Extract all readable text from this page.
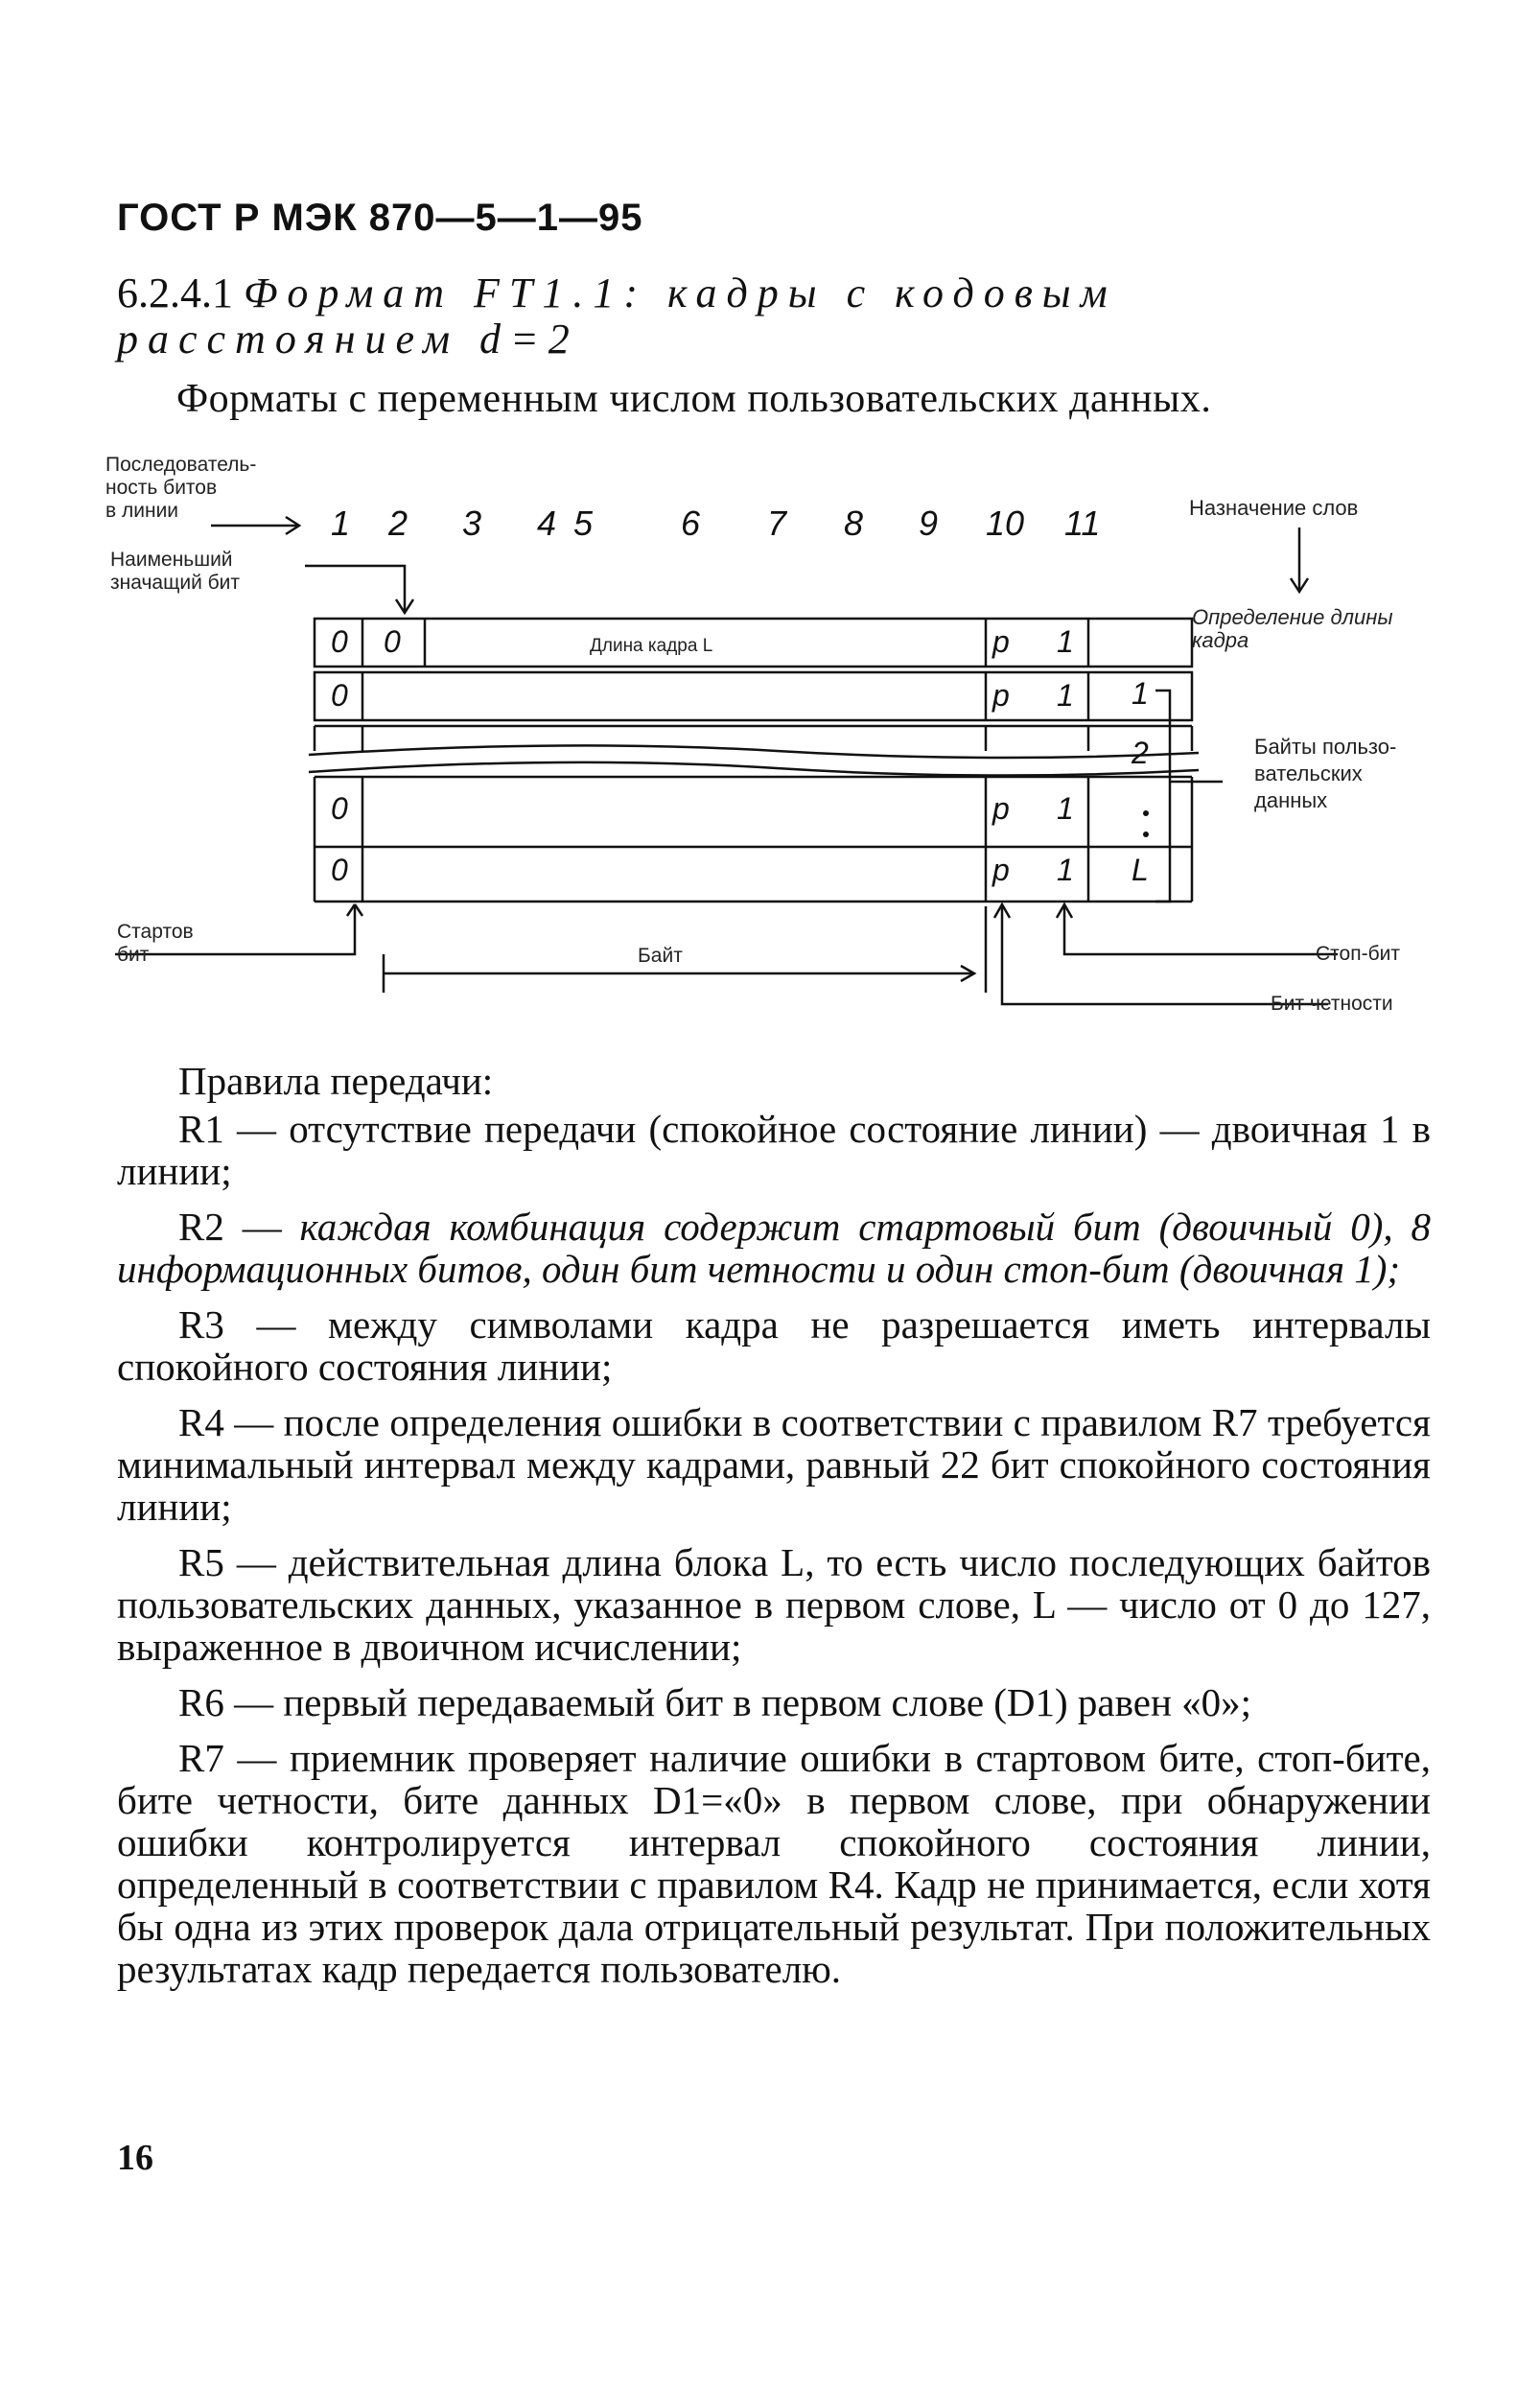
ГОСТ Р МЭК 870—5—1—95
6.2.4.1 Формат FT1.1: кадры с кодовым расстоянием d=2
Форматы с переменным числом пользовательских данных.
Последователь-
ность битов
в линии
Наименьший
значащий бит
1 2 3 4 5	6 7 8 9 10 11	Назначение слов
Определение длины
кадра
Байты пользо-
вательских
данных
0 0	Длина кадра L	p 1
0	p 1 1
2
0	p 1
0	p 1 L
Стартов
бит	Байт	Стоп-бит
Бит четности

Правила передачи:

R1 — отсутствие передачи (спокойное состояние линии) — двоичная 1 в линии;

R2 — каждая комбинация содержит стартовый бит (двоичный 0), 8 информационных битов, один бит четности и один стоп-бит (двоичная 1);

R3 — между символами кадра не разрешается иметь интервалы спокойного состояния линии;

R4 — после определения ошибки в соответствии с правилом R7 требуется минимальный интервал между кадрами, равный 22 бит спокойного состояния линии;

R5 — действительная длина блока L, то есть число последующих байтов пользовательских данных, указанное в первом слове, L — число от 0 до 127, выраженное в двоичном исчислении;

R6 — первый передаваемый бит в первом слове (D1) равен «0»;

R7 — приемник проверяет наличие ошибки в стартовом бите, стоп-бите, бите четности, бите данных D1=«0» в первом слове, при обнаружении ошибки контролируется интервал спокойного состояния линии, определенный в соответствии с правилом R4. Кадр не принимается, если хотя бы одна из этих проверок дала отрицательный результат. При положительных результатах кадр передается пользователю.

16
